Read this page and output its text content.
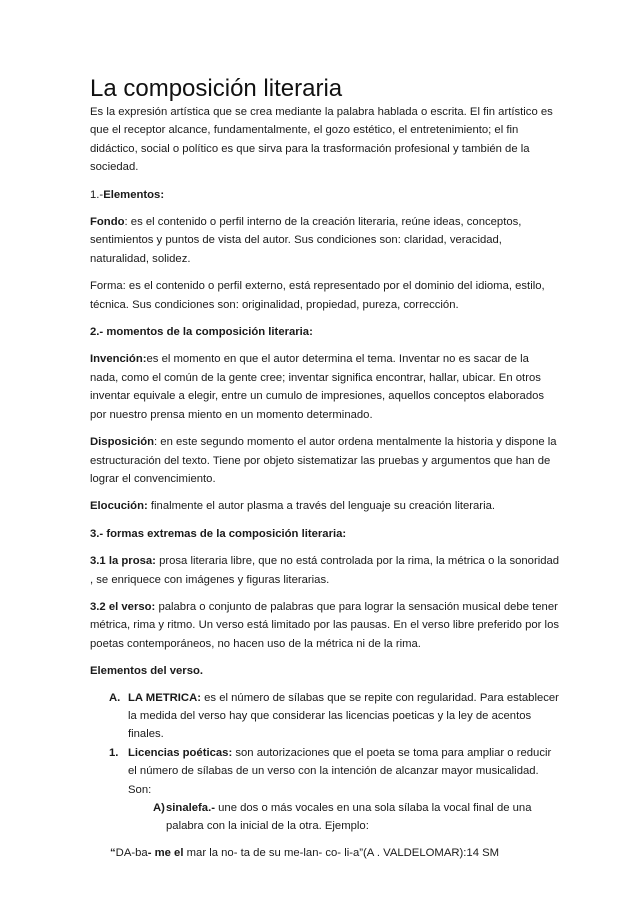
La composición literaria

Es la expresión artística que se crea mediante la palabra hablada o escrita. El fin artístico es que el receptor alcance, fundamentalmente, el gozo estético, el entretenimiento; el fin didáctico, social o político es que sirva para la trasformación profesional y también de la sociedad.

1.-Elementos:

Fondo: es el contenido o perfil interno de la creación literaria, reúne ideas, conceptos, sentimientos y puntos de vista del autor. Sus condiciones son: claridad, veracidad, naturalidad, solidez.

Forma: es el contenido o perfil externo, está representado por el dominio del idioma, estilo, técnica. Sus condiciones son: originalidad, propiedad, pureza, corrección.

2.- momentos de la composición literaria:

Invención:es el momento en que el autor determina el tema. Inventar no es sacar de la nada, como el común de la gente cree; inventar significa encontrar, hallar, ubicar. En otros inventar equivale a elegir, entre un cumulo de impresiones, aquellos conceptos elaborados por nuestro prensa miento en un momento determinado.

Disposición: en este segundo momento el autor ordena mentalmente la historia y dispone la estructuración del texto. Tiene por objeto sistematizar las pruebas y argumentos que han de lograr el convencimiento.

Elocución: finalmente el autor plasma a través del lenguaje su creación literaria.

3.- formas extremas de la composición literaria:

3.1 la prosa: prosa literaria libre, que no está controlada por la rima, la métrica o la sonoridad , se enriquece con imágenes y figuras literarias.

3.2 el verso: palabra o conjunto de palabras que para lograr la sensación musical debe tener métrica, rima y ritmo. Un verso está limitado por las pausas. En el verso libre preferido por los poetas contemporáneos, no hacen uso de la métrica ni de la rima.

Elementos del verso.

A. LA METRICA: es el número de sílabas que se repite con regularidad. Para establecer la medida del verso hay que considerar las licencias poeticas y la ley de acentos finales.
1. Licencias poéticas: son autorizaciones que el poeta se toma para ampliar o reducir el número de sílabas de un verso con la intención de alcanzar mayor musicalidad. Son:
A) sinalefa.- une dos o más vocales en una sola sílaba la vocal final de una palabra con la inicial de la otra. Ejemplo:

“DA-ba- me el mar la no- ta de su me-lan- co- li-a”(A . VALDELOMAR):14 SM
